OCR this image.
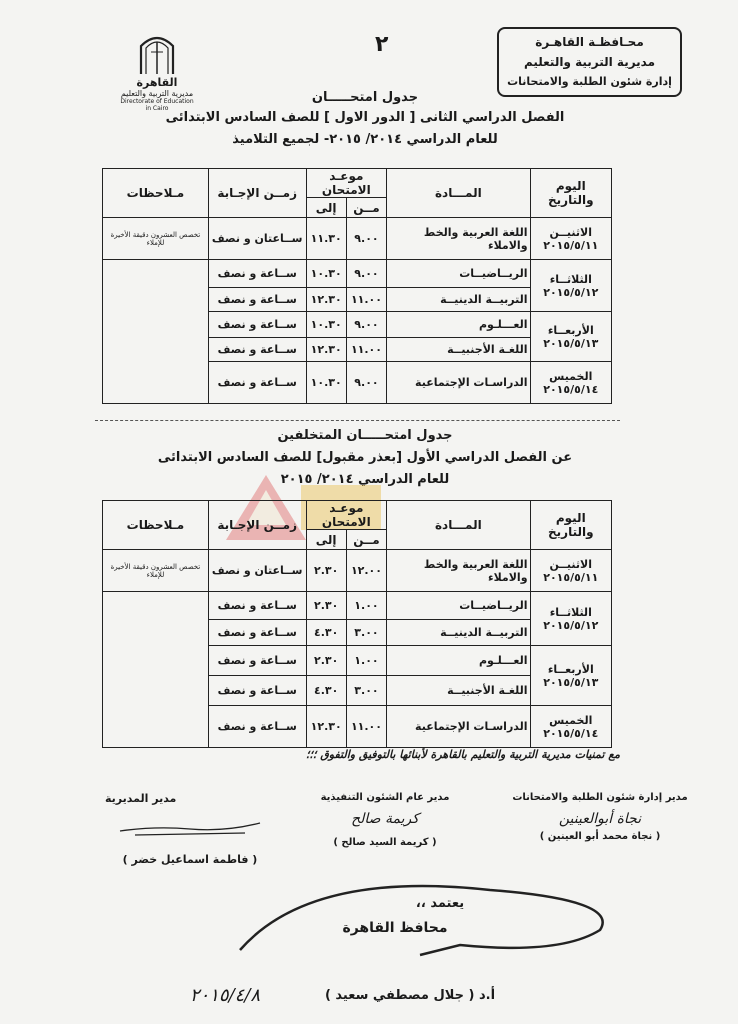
محـافظـة القاهـرة
مديرية التربية والتعليم
إدارة شئون الطلبة والامتحانات
٢
القاهرة
مديرية التربية والتعليم
Directorate of Education in Cairo
جدول امتحـــــان
الفصل الدراسي الثانى [ الدور الاول ] للصف السادس الابتدائى
للعام الدراسي ٢٠١٤/ ٢٠١٥- لجميع التلاميذ
اليوم
والتاريخ	المـــادة	موعـد الامتحان		زمــن الإجـابة	مـلاحظات
		مــن	إلى		

الاثنيــن
٢٠١٥/٥/١١	اللغة العربية والخط والاملاء	٩.٠٠	١١.٣٠	ســاعتان و نصف	تخصص العشرون دقيقة الأخيرة للإملاء

الثلاثــاء
٢٠١٥/٥/١٢	الريــاضيــات	٩.٠٠	١٠.٣٠	ســاعة و نصف	
	التربيــة الدينيــة	١١.٠٠	١٢.٣٠	ســاعة و نصف	

الأربعــاء
٢٠١٥/٥/١٣	العـــلـوم	٩.٠٠	١٠.٣٠	ســاعة و نصف	
	اللغـة الأجنبيــة	١١.٠٠	١٢.٣٠	ســاعة و نصف	

الخميس
٢٠١٥/٥/١٤	الدراسـات الإجتماعية	٩.٠٠	١٠.٣٠	ســاعة و نصف	
جدول امتحـــــان المتخلفين
عن الفصل الدراسي الأول [بعذر مقبول] للصف السادس الابتدائى
للعام الدراسي ٢٠١٤/ ٢٠١٥
اليوم
والتاريخ	المـــادة	موعـد الامتحان		زمــن الإجـابة	مـلاحظات
		مــن	إلى		

الاثنيــن
٢٠١٥/٥/١١	اللغة العربية والخط والاملاء	١٢.٠٠	٢.٣٠	ســاعتان و نصف	تخصص العشرون دقيقة الأخيرة للإملاء

الثلاثــاء
٢٠١٥/٥/١٢	الريــاضيــات	١.٠٠	٢.٣٠	ســاعة و نصف	
	التربيــة الدينيــة	٣.٠٠	٤.٣٠	ســاعة و نصف	

الأربعــاء
٢٠١٥/٥/١٣	العـــلـوم	١.٠٠	٢.٣٠	ســاعة و نصف	
	اللغـة الأجنبيــة	٣.٠٠	٤.٣٠	ســاعة و نصف	

الخميس
٢٠١٥/٥/١٤	الدراسـات الإجتماعية	١١.٠٠	١٢.٣٠	ســاعة و نصف	
مع تمنيات مديرية التربية والتعليم بالقاهرة لأبنائها بالتوفيق والتفوق ؛؛؛
مدير إدارة شئون الطلبة والامتحانات
نجاة أبوالعينين
( نجاة محمد أبو العينين )
مدير عام الشئون التنفيذية
كريمة صالح
( كريمة السيد صالح )
مدير المديرية
( فاطمة اسماعيل خضر )
يعتمد ،،
محافظ القاهرة
٢٠١٥/٤/٨	أ.د ( جلال مصطفي سعيد )
